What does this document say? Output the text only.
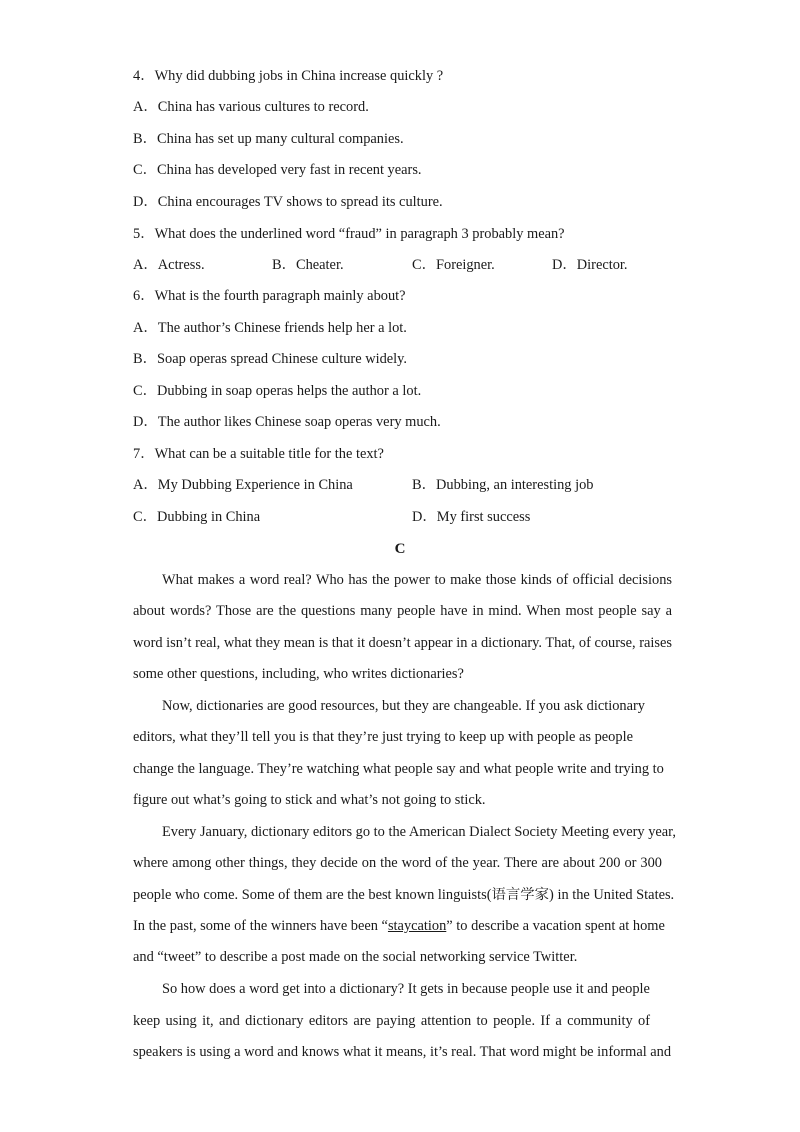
4．Why did dubbing jobs in China increase quickly ?
A．China has various cultures to record.
B．China has set up many cultural companies.
C．China has developed very fast in recent years.
D．China encourages TV shows to spread its culture.
5．What does the underlined word “fraud” in paragraph 3 probably mean?
A．Actress.	B．Cheater.	C．Foreigner.	D．Director.
6．What is the fourth paragraph mainly about?
A．The author’s Chinese friends help her a lot.
B．Soap operas spread Chinese culture widely.
C．Dubbing in soap operas helps the author a lot.
D．The author likes Chinese soap operas very much.
7．What can be a suitable title for the text?
A．My Dubbing Experience in China	B．Dubbing, an interesting job
C．Dubbing in China	D．My first success
C
What makes a word real? Who has the power to make those kinds of official decisions
about words? Those are the questions many people have in mind. When most people say a
word isn’t real, what they mean is that it doesn’t appear in a dictionary. That, of course, raises
some other questions, including, who writes dictionaries?
Now, dictionaries are good resources, but they are changeable. If you ask dictionary
editors, what they’ll tell you is that they’re just trying to keep up with people as people
change the language. They’re watching what people say and what people write and trying to
figure out what’s going to stick and what’s not going to stick.
Every January, dictionary editors go to the American Dialect Society Meeting every year,
where among other things, they decide on the word of the year. There are about 200 or 300
people who come. Some of them are the best known linguists(语言学家) in the United States.
In the past, some of the winners have been “staycation” to describe a vacation spent at home
and “tweet” to describe a post made on the social networking service Twitter.
So how does a word get into a dictionary? It gets in because people use it and people
keep using it, and dictionary editors are paying attention to people. If a community of
speakers is using a word and knows what it means, it’s real. That word might be informal and
